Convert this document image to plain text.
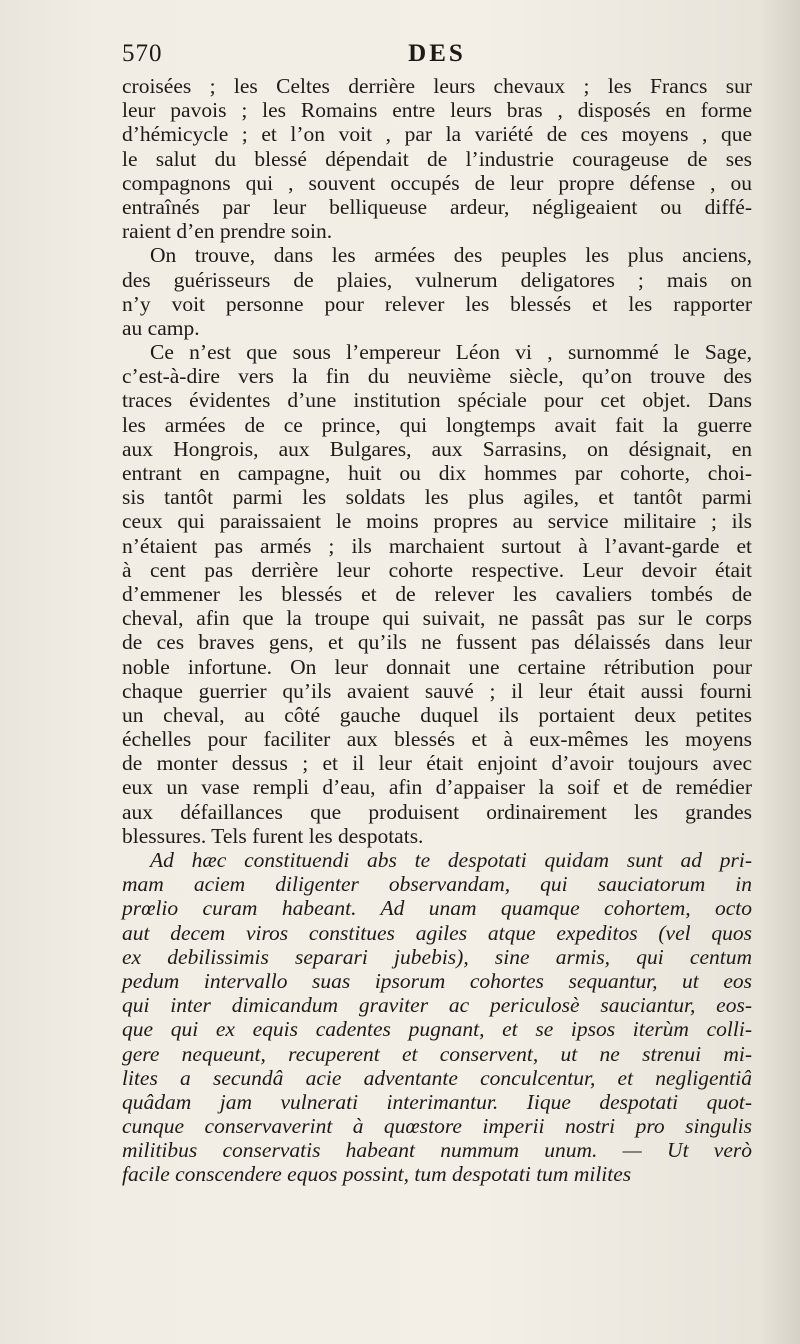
570	DES
croisées ; les Celtes derrière leurs chevaux ; les Francs sur
leur pavois ; les Romains entre leurs bras , disposés en forme
d’hémicycle ; et l’on voit , par la variété de ces moyens , que
le salut du blessé dépendait de l’industrie courageuse de ses
compagnons qui , souvent occupés de leur propre défense , ou
entraînés par leur belliqueuse ardeur, négligeaient ou diffé-
raient d’en prendre soin.
On trouve, dans les armées des peuples les plus anciens,
des guérisseurs de plaies, vulnerum deligatores ; mais on
n’y voit personne pour relever les blessés et les rapporter
au camp.
Ce n’est que sous l’empereur Léon vi , surnommé le Sage,
c’est-à-dire vers la fin du neuvième siècle, qu’on trouve des
traces évidentes d’une institution spéciale pour cet objet. Dans
les armées de ce prince, qui longtemps avait fait la guerre
aux Hongrois, aux Bulgares, aux Sarrasins, on désignait, en
entrant en campagne, huit ou dix hommes par cohorte, choi-
sis tantôt parmi les soldats les plus agiles, et tantôt parmi
ceux qui paraissaient le moins propres au service militaire ; ils
n’étaient pas armés ; ils marchaient surtout à l’avant-garde et
à cent pas derrière leur cohorte respective. Leur devoir était
d’emmener les blessés et de relever les cavaliers tombés de
cheval, afin que la troupe qui suivait, ne passât pas sur le corps
de ces braves gens, et qu’ils ne fussent pas délaissés dans leur
noble infortune. On leur donnait une certaine rétribution pour
chaque guerrier qu’ils avaient sauvé ; il leur était aussi fourni
un cheval, au côté gauche duquel ils portaient deux petites
échelles pour faciliter aux blessés et à eux-mêmes les moyens
de monter dessus ; et il leur était enjoint d’avoir toujours avec
eux un vase rempli d’eau, afin d’appaiser la soif et de remédier
aux défaillances que produisent ordinairement les grandes
blessures. Tels furent les despotats.
Ad hæc constituendi abs te despotati quidam sunt ad pri-
mam aciem diligenter observandam, qui sauciatorum in
prœlio curam habeant. Ad unam quamque cohortem, octo
aut decem viros constitues agiles atque expeditos (vel quos
ex debilissimis separari jubebis), sine armis, qui centum
pedum intervallo suas ipsorum cohortes sequantur, ut eos
qui inter dimicandum graviter ac periculosè sauciantur, eos-
que qui ex equis cadentes pugnant, et se ipsos iterùm colli-
gere nequeunt, recuperent et conservent, ut ne strenui mi-
lites a secundâ acie adventante conculcentur, et negligentiâ
quâdam jam vulnerati interimantur. Iique despotati quot-
cunque conservaverint à quœstore imperii nostri pro singulis
militibus conservatis habeant nummum unum. — Ut verò
facile conscendere equos possint, tum despotati tum milites
